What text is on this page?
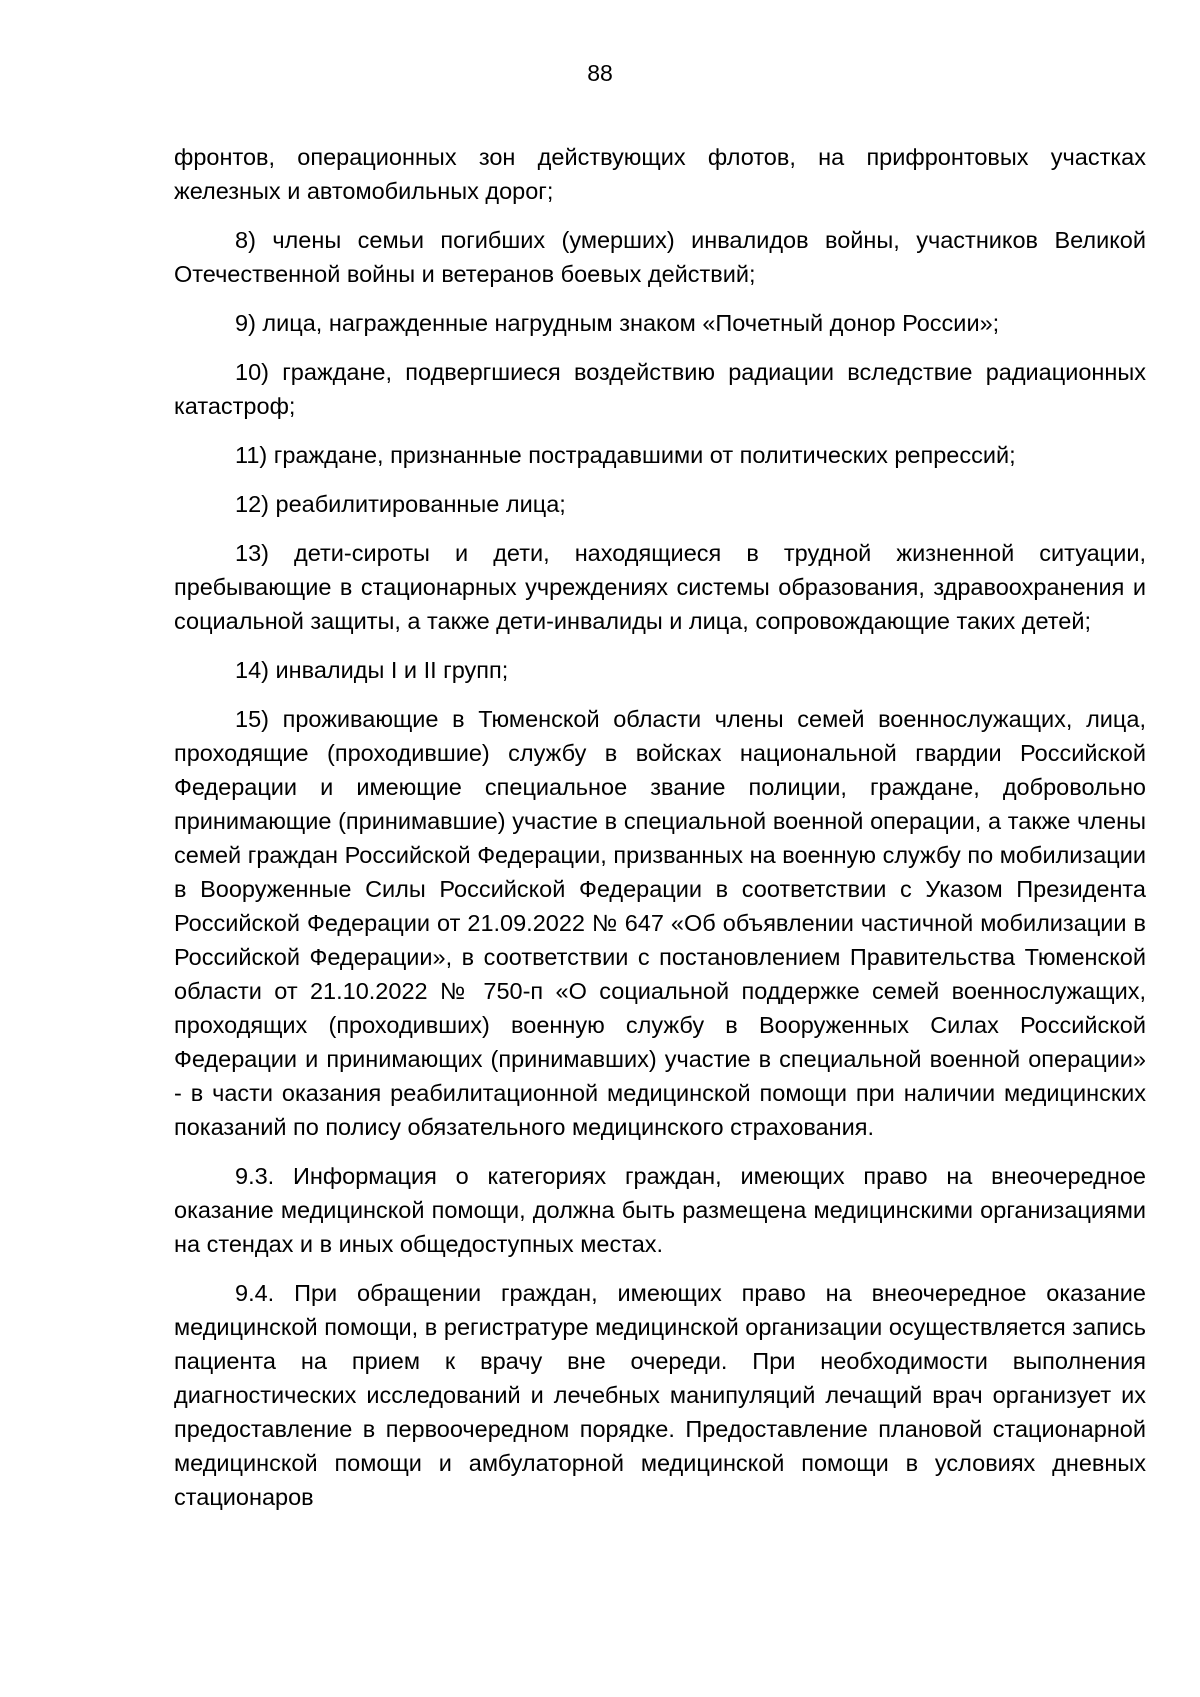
88

фронтов, операционных зон действующих флотов, на прифронтовых участках железных и автомобильных дорог;

8) члены семьи погибших (умерших) инвалидов войны, участников Великой Отечественной войны и ветеранов боевых действий;

9) лица, награжденные нагрудным знаком «Почетный донор России»;

10) граждане, подвергшиеся воздействию радиации вследствие радиационных катастроф;

11) граждане, признанные пострадавшими от политических репрессий;

12) реабилитированные лица;

13) дети-сироты и дети, находящиеся в трудной жизненной ситуации, пребывающие в стационарных учреждениях системы образования, здравоохранения и социальной защиты, а также дети-инвалиды и лица, сопровождающие таких детей;

14) инвалиды I и II групп;

15) проживающие в Тюменской области члены семей военнослужащих, лица, проходящие (проходившие) службу в войсках национальной гвардии Российской Федерации и имеющие специальное звание полиции, граждане, добровольно принимающие (принимавшие) участие в специальной военной операции, а также члены семей граждан Российской Федерации, призванных на военную службу по мобилизации в Вооруженные Силы Российской Федерации в соответствии с Указом Президента Российской Федерации от 21.09.2022 № 647 «Об объявлении частичной мобилизации в Российской Федерации», в соответствии с постановлением Правительства Тюменской области от 21.10.2022 № 750-п «О социальной поддержке семей военнослужащих, проходящих (проходивших) военную службу в Вооруженных Силах Российской Федерации и принимающих (принимавших) участие в специальной военной операции» - в части оказания реабилитационной медицинской помощи при наличии медицинских показаний по полису обязательного медицинского страхования.

9.3. Информация о категориях граждан, имеющих право на внеочередное оказание медицинской помощи, должна быть размещена медицинскими организациями на стендах и в иных общедоступных местах.

9.4. При обращении граждан, имеющих право на внеочередное оказание медицинской помощи, в регистратуре медицинской организации осуществляется запись пациента на прием к врачу вне очереди. При необходимости выполнения диагностических исследований и лечебных манипуляций лечащий врач организует их предоставление в первоочередном порядке. Предоставление плановой стационарной медицинской помощи и амбулаторной медицинской помощи в условиях дневных стационаров
